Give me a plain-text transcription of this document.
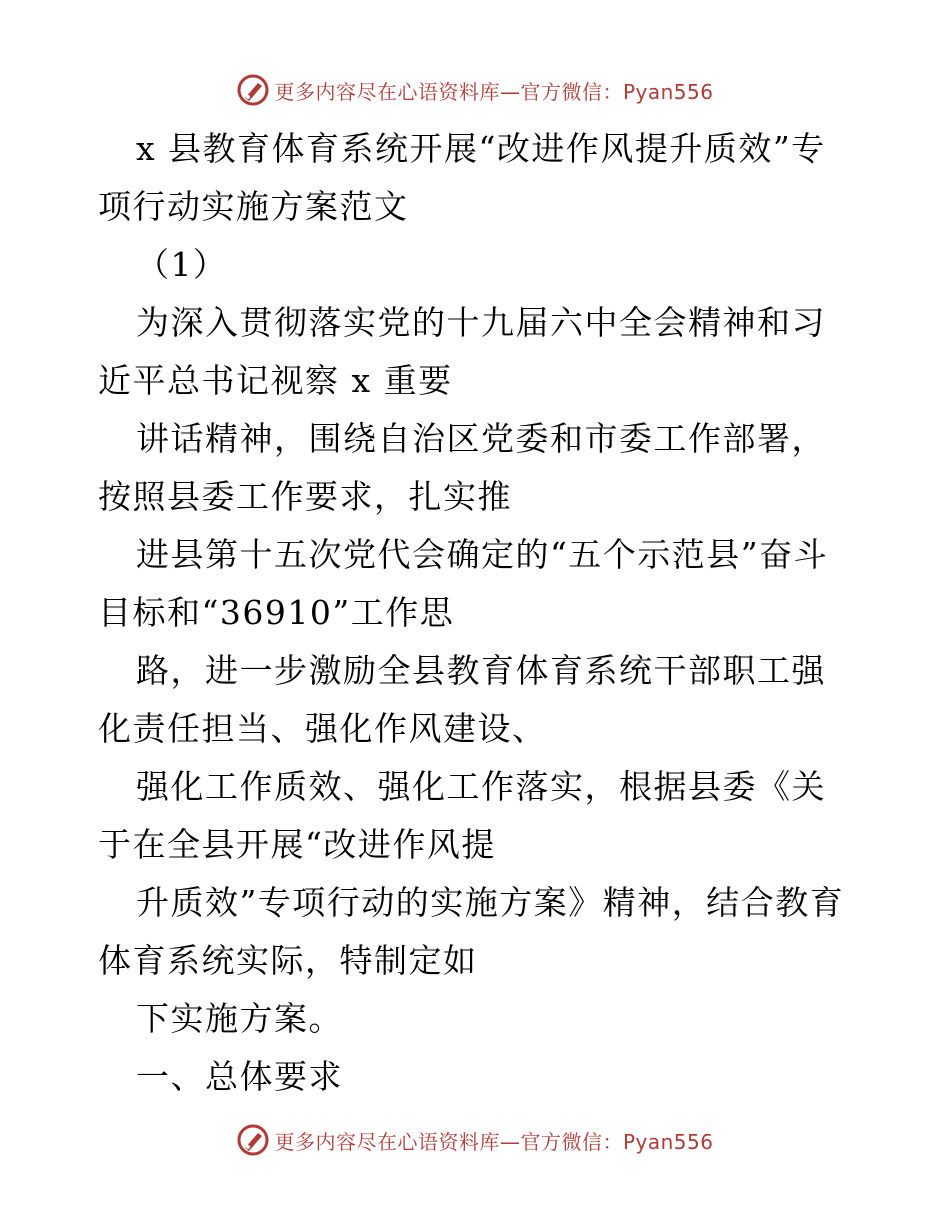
更多内容尽在心语资料库—官方微信：Pyan556

x 县教育体育系统开展“改进作风提升质效”专项行动实施方案范文

（1）

为深入贯彻落实党的十九届六中全会精神和习近平总书记视察 x 重要

讲话精神，围绕自治区党委和市委工作部署，按照县委工作要求，扎实推

进县第十五次党代会确定的“五个示范县”奋斗目标和“36910”工作思

路，进一步激励全县教育体育系统干部职工强化责任担当、强化作风建设、

强化工作质效、强化工作落实，根据县委《关于在全县开展“改进作风提

升质效”专项行动的实施方案》精神，结合教育体育系统实际，特制定如

下实施方案。

一、总体要求

更多内容尽在心语资料库—官方微信：Pyan556
